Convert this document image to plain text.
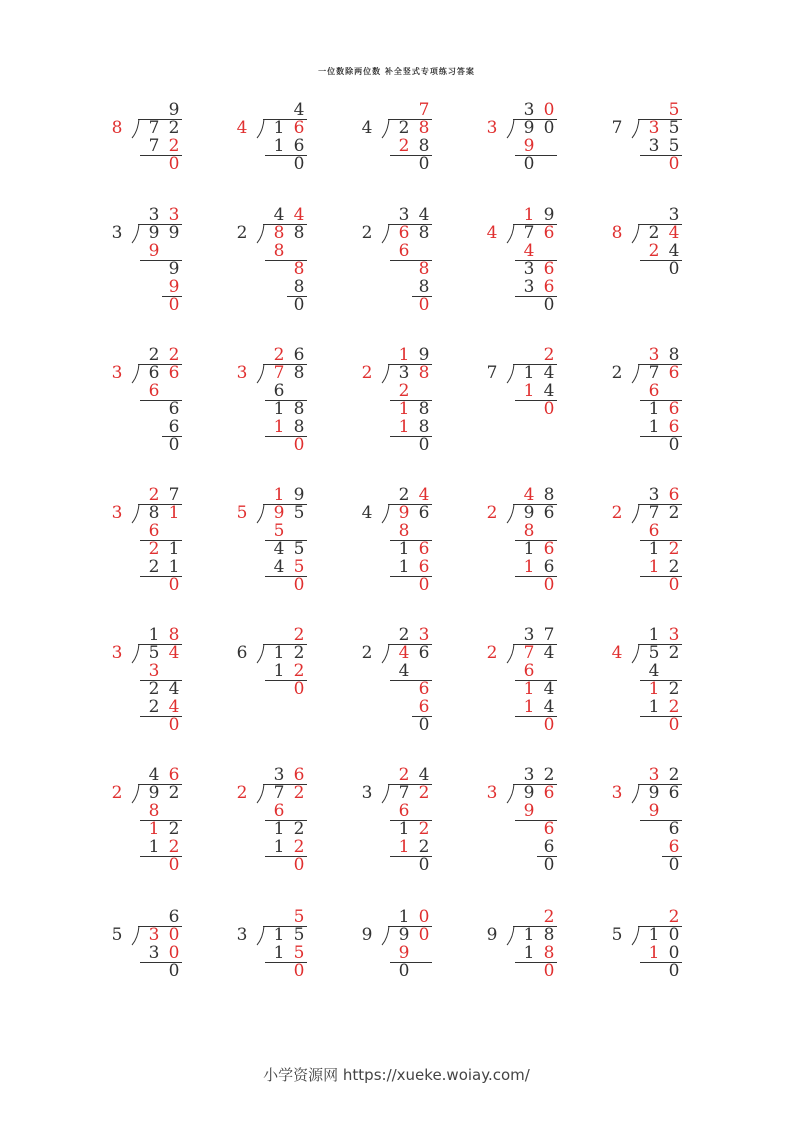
一位数除两位数 补全竖式专项练习答案
8
9
7 2
7 2
0
4
4
1 6
1 6
0
4
7
2 8
2 8
0
3
3 0
9 0
9
0
7
5
3 5
3 5
0
3
3 3
9 9
9
9
9
0
2
4 4
8 8
8
8
8
0
2
3 4
6 8
6
8
8
0
4
1 9
7 6
4
3 6
3 6
0
8
3
2 4
2 4
0
3
2 2
6 6
6
6
6
0
3
2 6
7 8
6
1 8
1 8
0
2
1 9
3 8
2
1 8
1 8
0
7
2
1 4
1 4
0
2
3 8
7 6
6
1 6
1 6
0
3
2 7
8 1
6
2 1
2 1
0
5
1 9
9 5
5
4 5
4 5
0
4
2 4
9 6
8
1 6
1 6
0
2
4 8
9 6
8
1 6
1 6
0
2
3 6
7 2
6
1 2
1 2
0
3
1 8
5 4
3
2 4
2 4
0
6
2
1 2
1 2
0
2
2 3
4 6
4
6
6
0
2
3 7
7 4
6
1 4
1 4
0
4
1 3
5 2
4
1 2
1 2
0
2
4 6
9 2
8
1 2
1 2
0
2
3 6
7 2
6
1 2
1 2
0
3
2 4
7 2
6
1 2
1 2
0
3
3 2
9 6
9
6
6
0
3
3 2
9 6
9
6
6
0
5
6
3 0
3 0
0
3
5
1 5
1 5
0
9
1 0
9 0
9
0
9
2
1 8
1 8
0
5
2
1 0
1 0
0
小学资源网 https://xueke.woiay.com/
